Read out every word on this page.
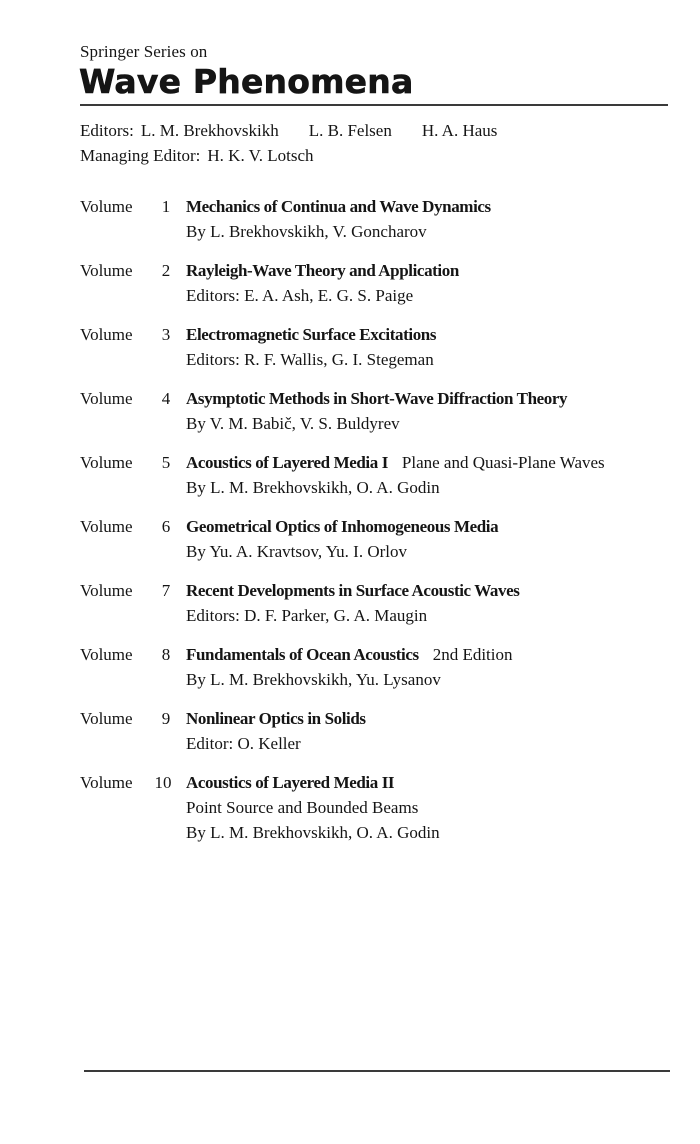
Springer Series on
Wave Phenomena
Editors: L. M. Brekhovskikh L. B. Felsen H. A. Haus
Managing Editor: H. K. V. Lotsch
Volume 1 Mechanics of Continua and Wave Dynamics
By L. Brekhovskikh, V. Goncharov
Volume 2 Rayleigh-Wave Theory and Application
Editors: E. A. Ash, E. G. S. Paige
Volume 3 Electromagnetic Surface Excitations
Editors: R. F. Wallis, G. I. Stegeman
Volume 4 Asymptotic Methods in Short-Wave Diffraction Theory
By V. M. Babič, V. S. Buldyrev
Volume 5 Acoustics of Layered Media I Plane and Quasi-Plane Waves
By L. M. Brekhovskikh, O. A. Godin
Volume 6 Geometrical Optics of Inhomogeneous Media
By Yu. A. Kravtsov, Yu. I. Orlov
Volume 7 Recent Developments in Surface Acoustic Waves
Editors: D. F. Parker, G. A. Maugin
Volume 8 Fundamentals of Ocean Acoustics 2nd Edition
By L. M. Brekhovskikh, Yu. Lysanov
Volume 9 Nonlinear Optics in Solids
Editor: O. Keller
Volume 10 Acoustics of Layered Media II
Point Source and Bounded Beams
By L. M. Brekhovskikh, O. A. Godin
